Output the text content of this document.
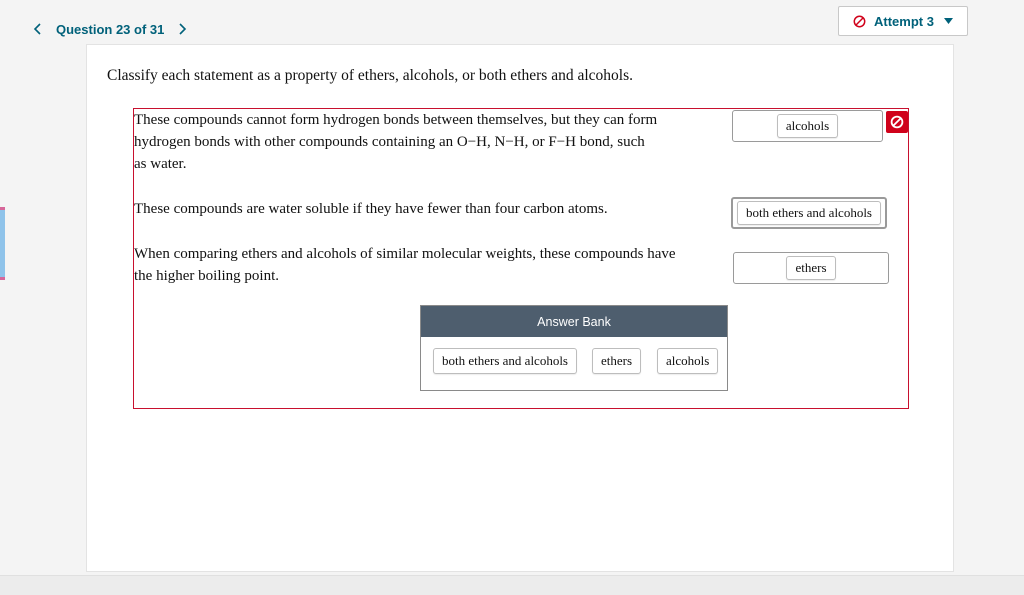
Question 23 of 31
Attempt 3
Classify each statement as a property of ethers, alcohols, or both ethers and alcohols.
These compounds cannot form hydrogen bonds between themselves, but they can form
hydrogen bonds with other compounds containing an O−H, N−H, or F−H bond, such
as water.
These compounds are water soluble if they have fewer than four carbon atoms.
When comparing ethers and alcohols of similar molecular weights, these compounds have
the higher boiling point.
alcohols
both ethers and alcohols
ethers
Answer Bank
both ethers and alcohols	ethers	alcohols
